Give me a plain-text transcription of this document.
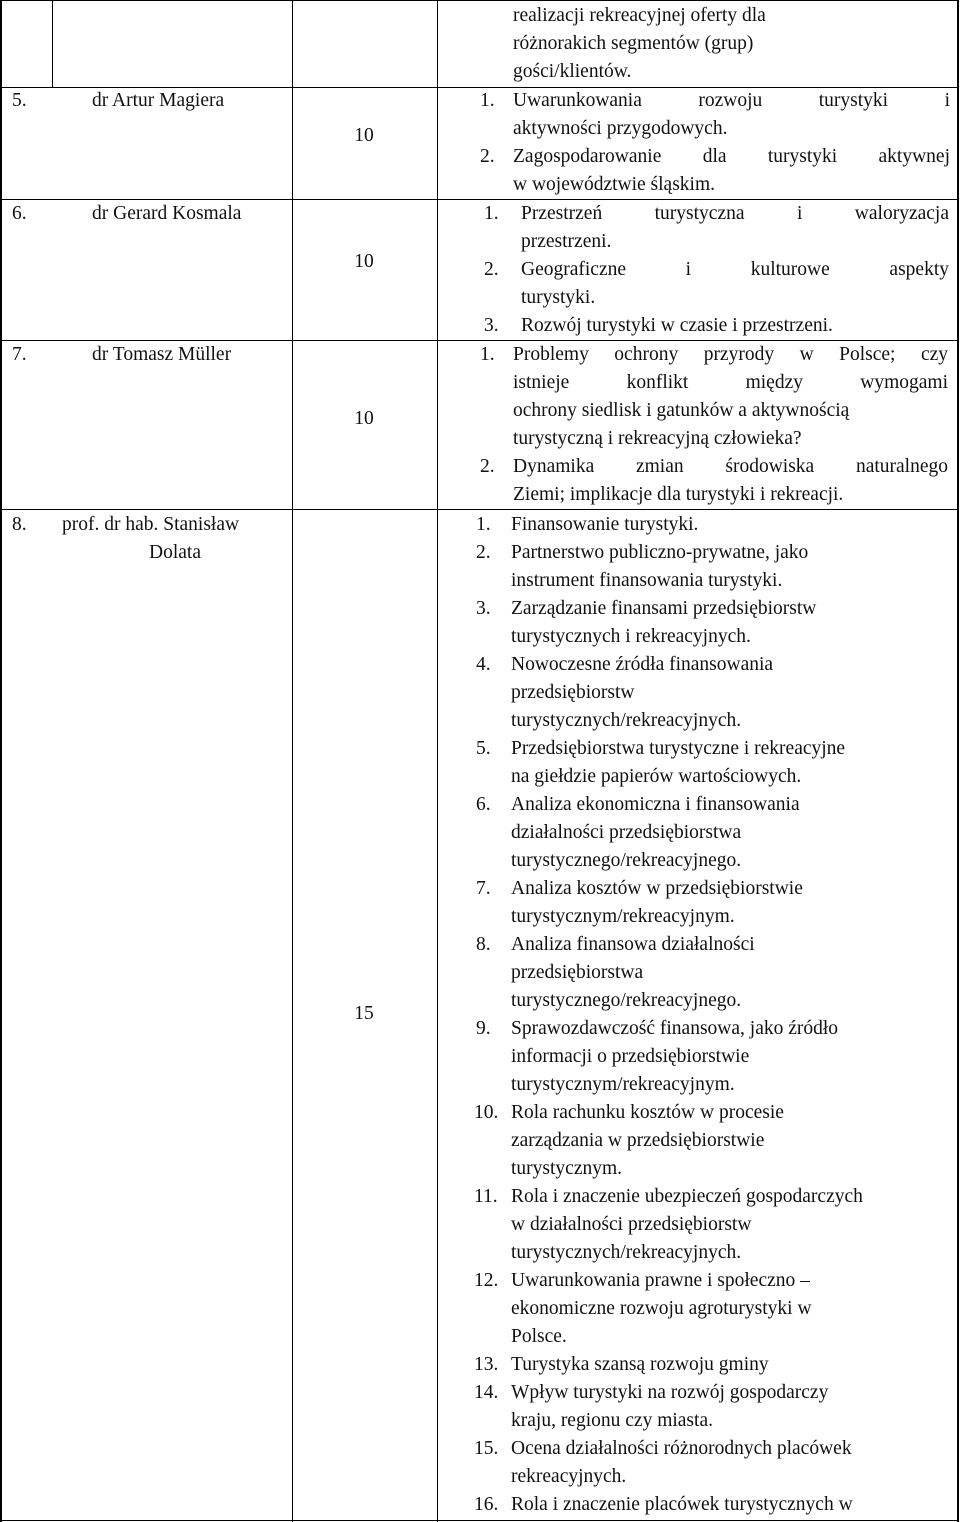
realizacji rekreacyjnej oferty dla
różnorakich segmentów (grup)
gości/klientów.
5.	dr Artur Magiera
10
1. Uwarunkowania rozwoju turystyki i
aktywności przygodowych.
2. Zagospodarowanie dla turystyki aktywnej
w województwie śląskim.
6.	dr Gerard Kosmala
10
1. Przestrzeń turystyczna i waloryzacja
przestrzeni.
2. Geograficzne i kulturowe aspekty
turystyki.
3. Rozwój turystyki w czasie i przestrzeni.
7.	dr Tomasz Müller
10
1. Problemy ochrony przyrody w Polsce; czy
istnieje konflikt między wymogami
ochrony siedlisk i gatunków a aktywnością
turystyczną i rekreacyjną człowieka?
2. Dynamika zmian środowiska naturalnego
Ziemi; implikacje dla turystyki i rekreacji.
8. prof. dr hab. Stanisław
Dolata
15
1. Finansowanie turystyki.
2. Partnerstwo publiczno-prywatne, jako
instrument finansowania turystyki.
3. Zarządzanie finansami przedsiębiorstw
turystycznych i rekreacyjnych.
4. Nowoczesne źródła finansowania
przedsiębiorstw
turystycznych/rekreacyjnych.
5. Przedsiębiorstwa turystyczne i rekreacyjne
na giełdzie papierów wartościowych.
6. Analiza ekonomiczna i finansowania
działalności przedsiębiorstwa
turystycznego/rekreacyjnego.
7. Analiza kosztów w przedsiębiorstwie
turystycznym/rekreacyjnym.
8. Analiza finansowa działalności
przedsiębiorstwa
turystycznego/rekreacyjnego.
9. Sprawozdawczość finansowa, jako źródło
informacji o przedsiębiorstwie
turystycznym/rekreacyjnym.
10. Rola rachunku kosztów w procesie
zarządzania w przedsiębiorstwie
turystycznym.
11. Rola i znaczenie ubezpieczeń gospodarczych
w działalności przedsiębiorstw
turystycznych/rekreacyjnych.
12. Uwarunkowania prawne i społeczno –
ekonomiczne rozwoju agroturystyki w
Polsce.
13. Turystyka szansą rozwoju gminy
14. Wpływ turystyki na rozwój gospodarczy
kraju, regionu czy miasta.
15. Ocena działalności różnorodnych placówek
rekreacyjnych.
16. Rola i znaczenie placówek turystycznych w
